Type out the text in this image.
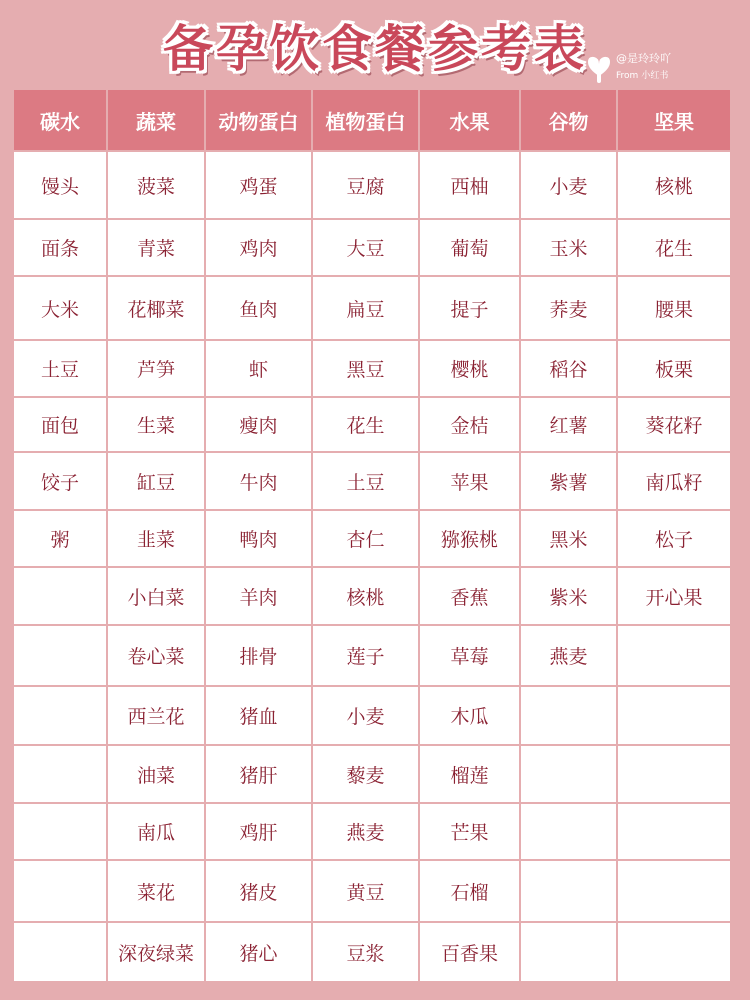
备孕饮食餐参考表	@是玲玲吖
From 小红书
碳水	蔬菜	动物蛋白	植物蛋白	水果	谷物	坚果
馒头	菠菜	鸡蛋	豆腐	西柚	小麦	核桃
面条	青菜	鸡肉	大豆	葡萄	玉米	花生
大米	花椰菜	鱼肉	扁豆	提子	荞麦	腰果
土豆	芦笋	虾	黑豆	樱桃	稻谷	板栗
面包	生菜	瘦肉	花生	金桔	红薯	葵花籽
饺子	缸豆	牛肉	土豆	苹果	紫薯	南瓜籽
粥	韭菜	鸭肉	杏仁	猕猴桃	黑米	松子
	小白菜	羊肉	核桃	香蕉	紫米	开心果
	卷心菜	排骨	莲子	草莓	燕麦	
	西兰花	猪血	小麦	木瓜		
	油菜	猪肝	藜麦	榴莲		
	南瓜	鸡肝	燕麦	芒果		
	菜花	猪皮	黄豆	石榴		
	深夜绿菜	猪心	豆浆	百香果		
